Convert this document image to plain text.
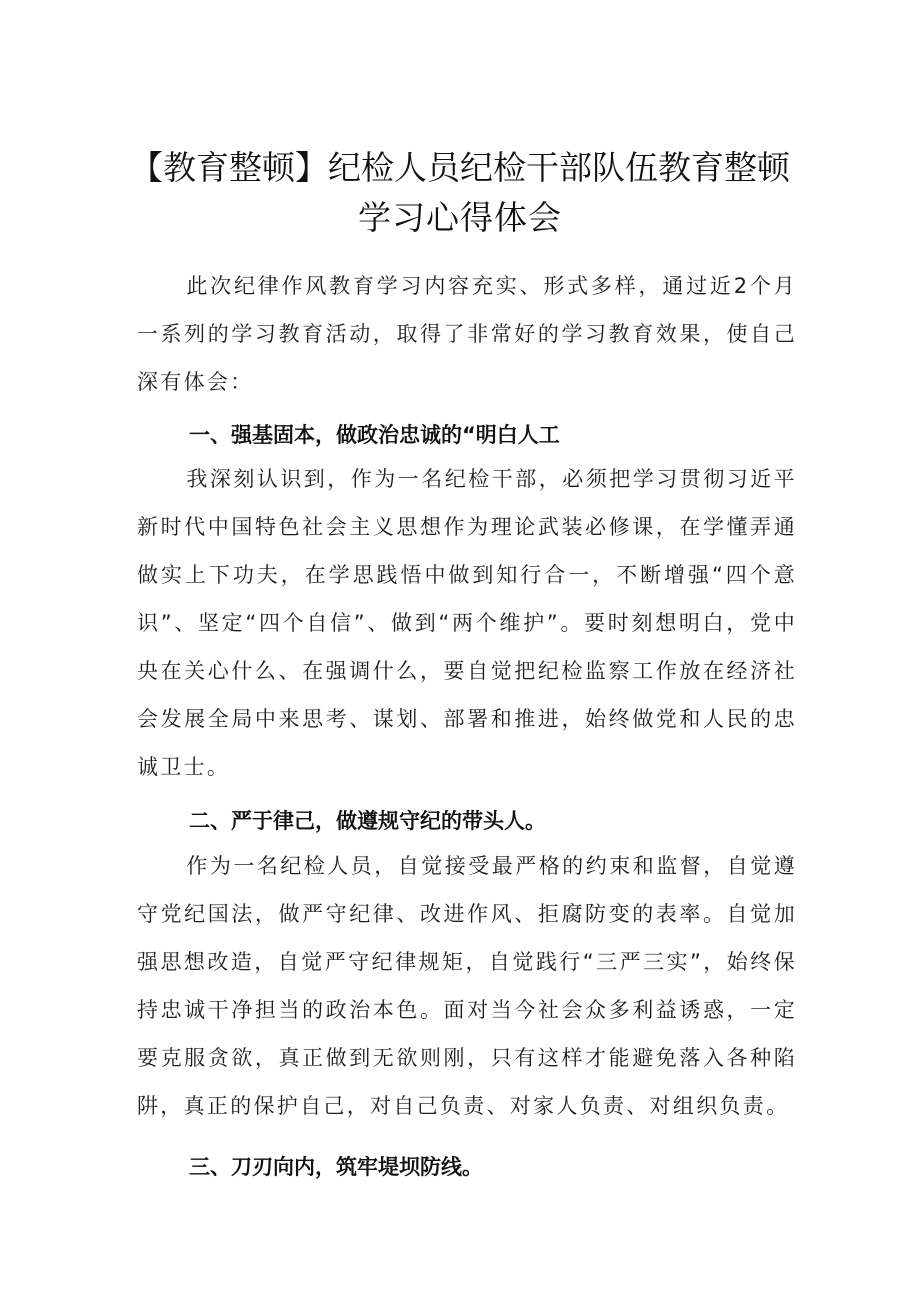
【教育整顿】纪检人员纪检干部队伍教育整顿
学习心得体会

此次纪律作风教育学习内容充实、形式多样，通过近2个月一系列的学习教育活动，取得了非常好的学习教育效果，使自己深有体会：

一、强基固本，做政治忠诚的“明白人工

我深刻认识到，作为一名纪检干部，必须把学习贯彻习近平新时代中国特色社会主义思想作为理论武装必修课，在学懂弄通做实上下功夫，在学思践悟中做到知行合一，不断增强“四个意识”、坚定“四个自信”、做到“两个维护”。要时刻想明白，党中央在关心什么、在强调什么，要自觉把纪检监察工作放在经济社会发展全局中来思考、谋划、部署和推进，始终做党和人民的忠诚卫士。

二、严于律己，做遵规守纪的带头人。

作为一名纪检人员，自觉接受最严格的约束和监督，自觉遵守党纪国法，做严守纪律、改进作风、拒腐防变的表率。自觉加强思想改造，自觉严守纪律规矩，自觉践行“三严三实”，始终保持忠诚干净担当的政治本色。面对当今社会众多利益诱惑，一定要克服贪欲，真正做到无欲则刚，只有这样才能避免落入各种陷阱，真正的保护自己，对自己负责、对家人负责、对组织负责。

三、刀刃向内，筑牢堤坝防线。
